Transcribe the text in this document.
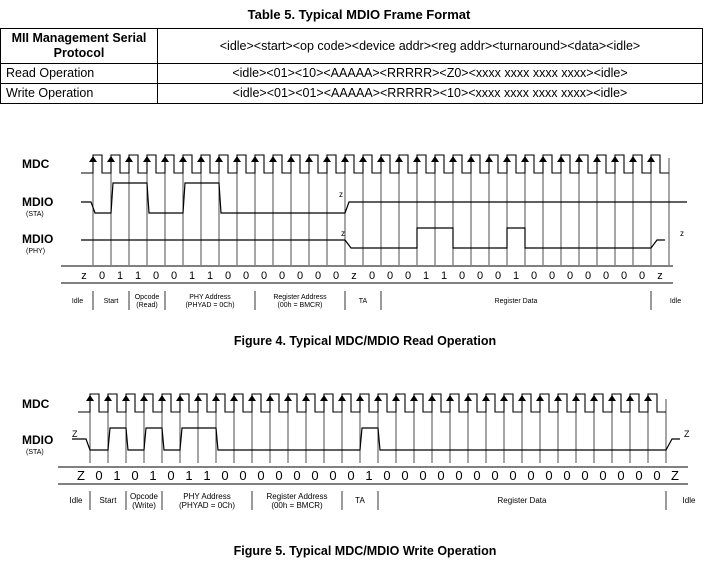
Table 5. Typical MDIO Frame Format
MII Management Serial Protocol	<idle><start><op code><device addr><reg addr><turnaround><data><idle>
Read Operation	<idle><01><10><AAAAA><RRRRR><Z0><xxxx xxxx xxxx xxxx><idle>
Write Operation	<idle><01><01><AAAAA><RRRRR><10><xxxx xxxx xxxx xxxx><idle>
MDC
MDIO
(STA)
MDIO
(PHY)
z
z	z
z 0 1 1 0 0 1 1 0 0 0 0 0 0 0 z 0 0 0 1 1 0 0 0 1 0 0 0 0 0 0 0 z
Idle	Start
Opcode (Read)
PHY Address (PHYAD = 0Ch)
Register Address (00h = BMCR)
TA	Register Data	Idle
Figure 4. Typical MDC/MDIO Read Operation
MDC
MDIO
(STA)
Z	Z
Z 0 1 0 1 0 1 1 0 0 0 0 0 0 0 0 1 0 0 0 0 0 0 0 0 0 0 0 0 0 0 0 0 Z
Idle Start Opcode (Write)
PHY Address (PHYAD = 0Ch)
Register Address (00h = BMCR)
TA	Register Data	Idle
Figure 5. Typical MDC/MDIO Write Operation
